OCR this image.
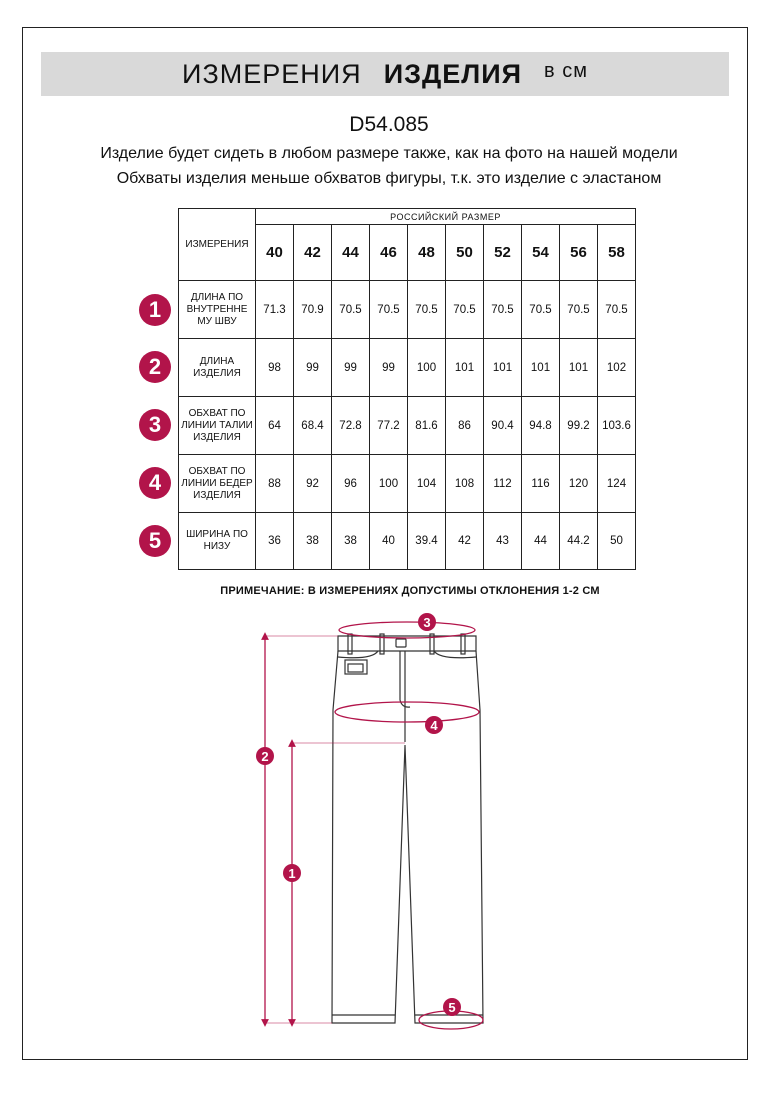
ИЗМЕРЕНИЯ ИЗДЕЛИЯ в см
D54.085
Изделие будет сидеть в любом размере также, как на фото на нашей модели
Обхваты изделия меньше обхватов фигуры, т.к. это изделие с эластаном
ИЗМЕРЕНИЯ	РОССИЙСКИЙ РАЗМЕР									
	40	42	44	46	48	50	52	54	56	58
ДЛИНА ПО ВНУТРЕННЕ МУ ШВУ	71.3	70.9	70.5	70.5	70.5	70.5	70.5	70.5	70.5	70.5
ДЛИНА ИЗДЕЛИЯ	98	99	99	99	100	101	101	101	101	102
ОБХВАТ ПО ЛИНИИ ТАЛИИ ИЗДЕЛИЯ	64	68.4	72.8	77.2	81.6	86	90.4	94.8	99.2	103.6
ОБХВАТ ПО ЛИНИИ БЕДЕР ИЗДЕЛИЯ	88	92	96	100	104	108	112	116	120	124
ШИРИНА ПО НИЗУ	36	38	38	40	39.4	42	43	44	44.2	50
1
2
3
4
5
ПРИМЕЧАНИЕ: В ИЗМЕРЕНИЯХ ДОПУСТИМЫ ОТКЛОНЕНИЯ 1-2 СМ
3
4
2
1
5
